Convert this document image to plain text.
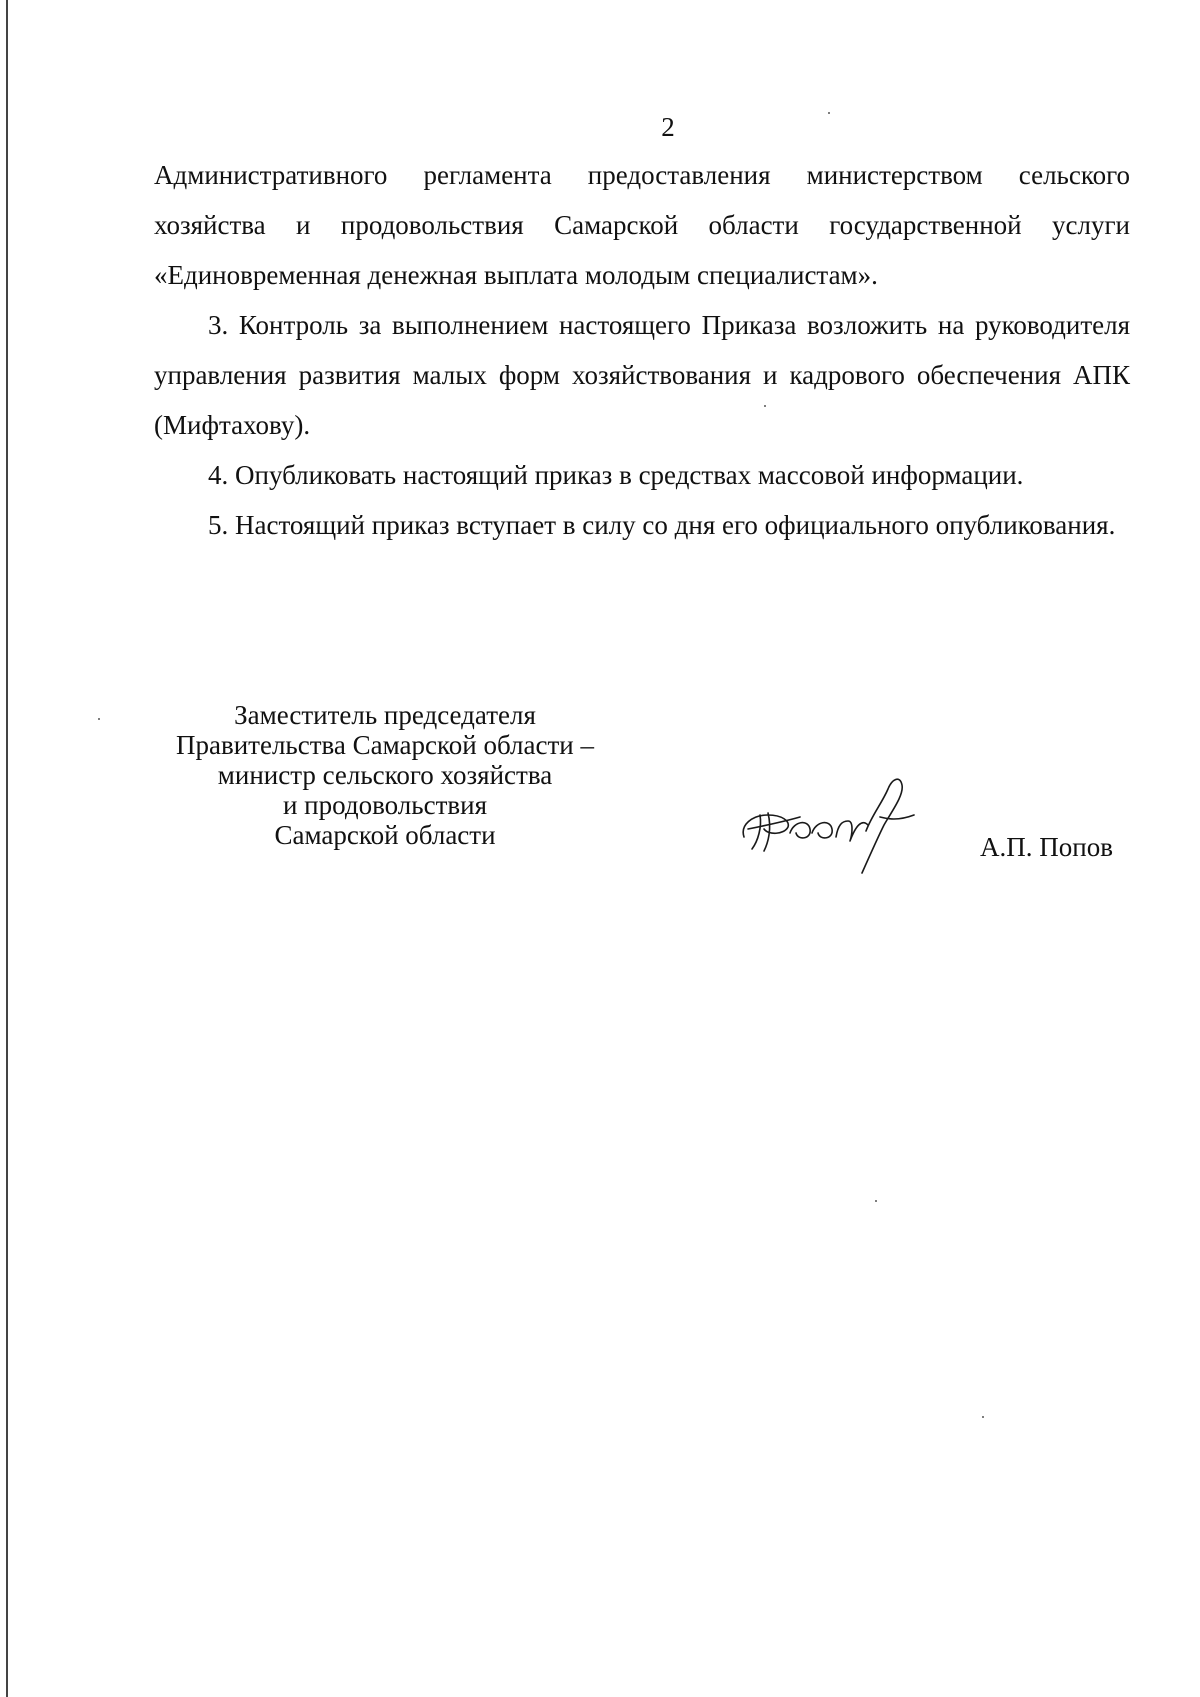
2

Административного регламента предоставления министерством сельского хозяйства и продовольствия Самарской области государственной услуги «Единовременная денежная выплата молодым специалистам».

3. Контроль за выполнением настоящего Приказа возложить на руководителя управления развития малых форм хозяйствования и кадрового обеспечения АПК (Мифтахову).

4. Опубликовать настоящий приказ в средствах массовой информации.

5. Настоящий приказ вступает в силу со дня его официального опубликования.

Заместитель председателя
Правительства Самарской области –
министр сельского хозяйства
и продовольствия
Самарской области	А.П. Попов
